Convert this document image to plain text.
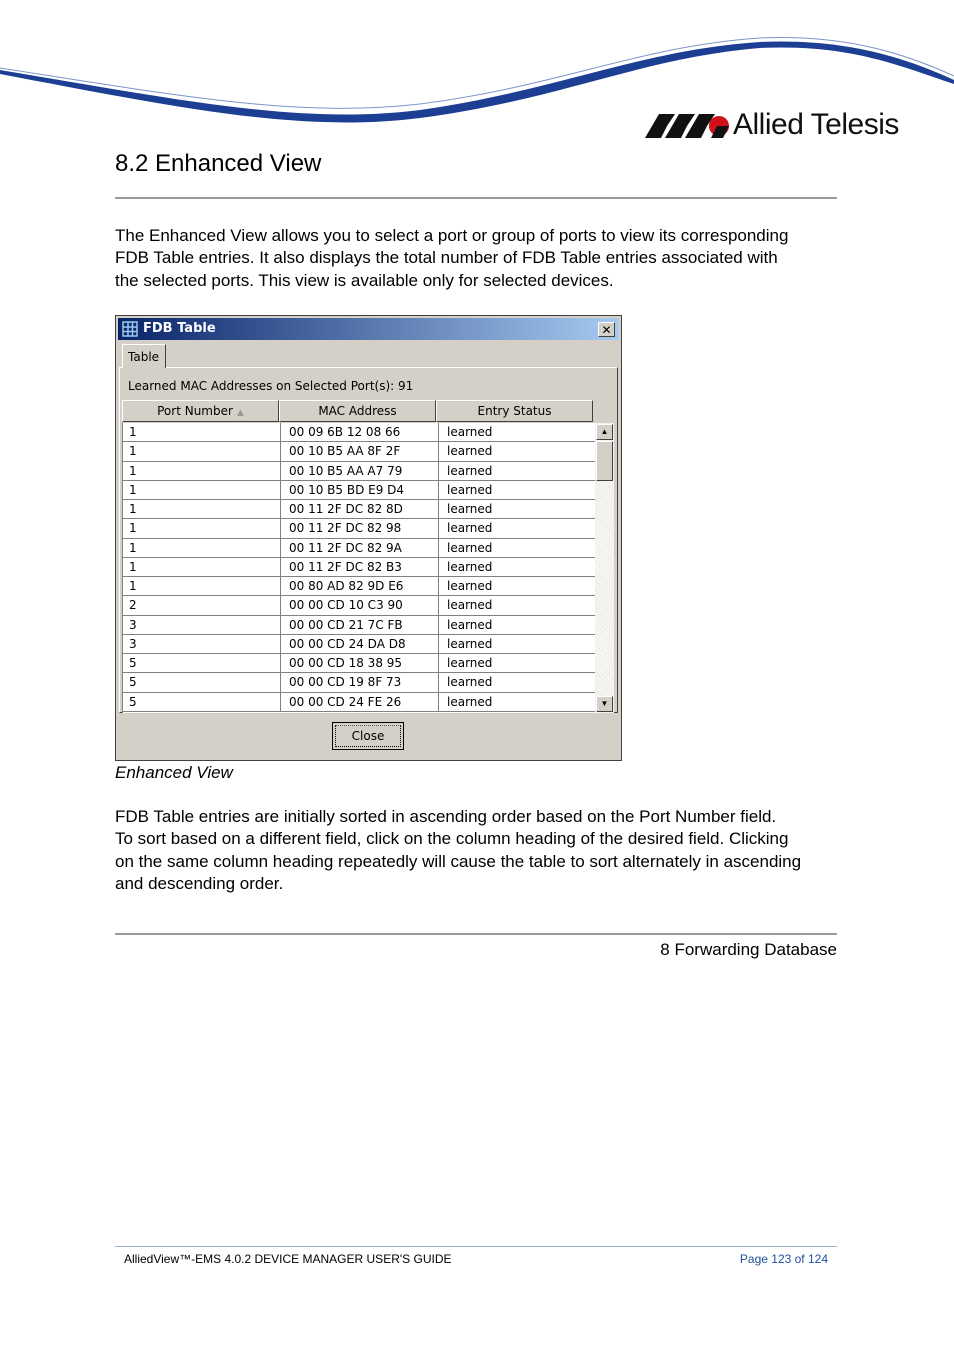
Allied Telesis
8.2 Enhanced View

The Enhanced View allows you to select a port or group of ports to view its corresponding
FDB Table entries. It also displays the total number of FDB Table entries associated with
the selected ports. This view is available only for selected devices.

FDB Table	✕
Table
Learned MAC Addresses on Selected Port(s): 91
Port Number ▲	MAC Address	Entry Status
1	00 09 6B 12 08 66	learned
1	00 10 B5 AA 8F 2F	learned
1	00 10 B5 AA A7 79	learned
1	00 10 B5 BD E9 D4	learned
1	00 11 2F DC 82 8D	learned
1	00 11 2F DC 82 98	learned
1	00 11 2F DC 82 9A	learned
1	00 11 2F DC 82 B3	learned
1	00 80 AD 82 9D E6	learned
2	00 00 CD 10 C3 90	learned
3	00 00 CD 21 7C FB	learned
3	00 00 CD 24 DA D8	learned
5	00 00 CD 18 38 95	learned
5	00 00 CD 19 8F 73	learned
5	00 00 CD 24 FE 26	learned
▲
▼
Close

Enhanced View

FDB Table entries are initially sorted in ascending order based on the Port Number field.
To sort based on a different field, click on the column heading of the desired field. Clicking
on the same column heading repeatedly will cause the table to sort alternately in ascending
and descending order.

8 Forwarding Database
AlliedView™-EMS 4.0.2 DEVICE MANAGER USER'S GUIDE	Page 123 of 124
